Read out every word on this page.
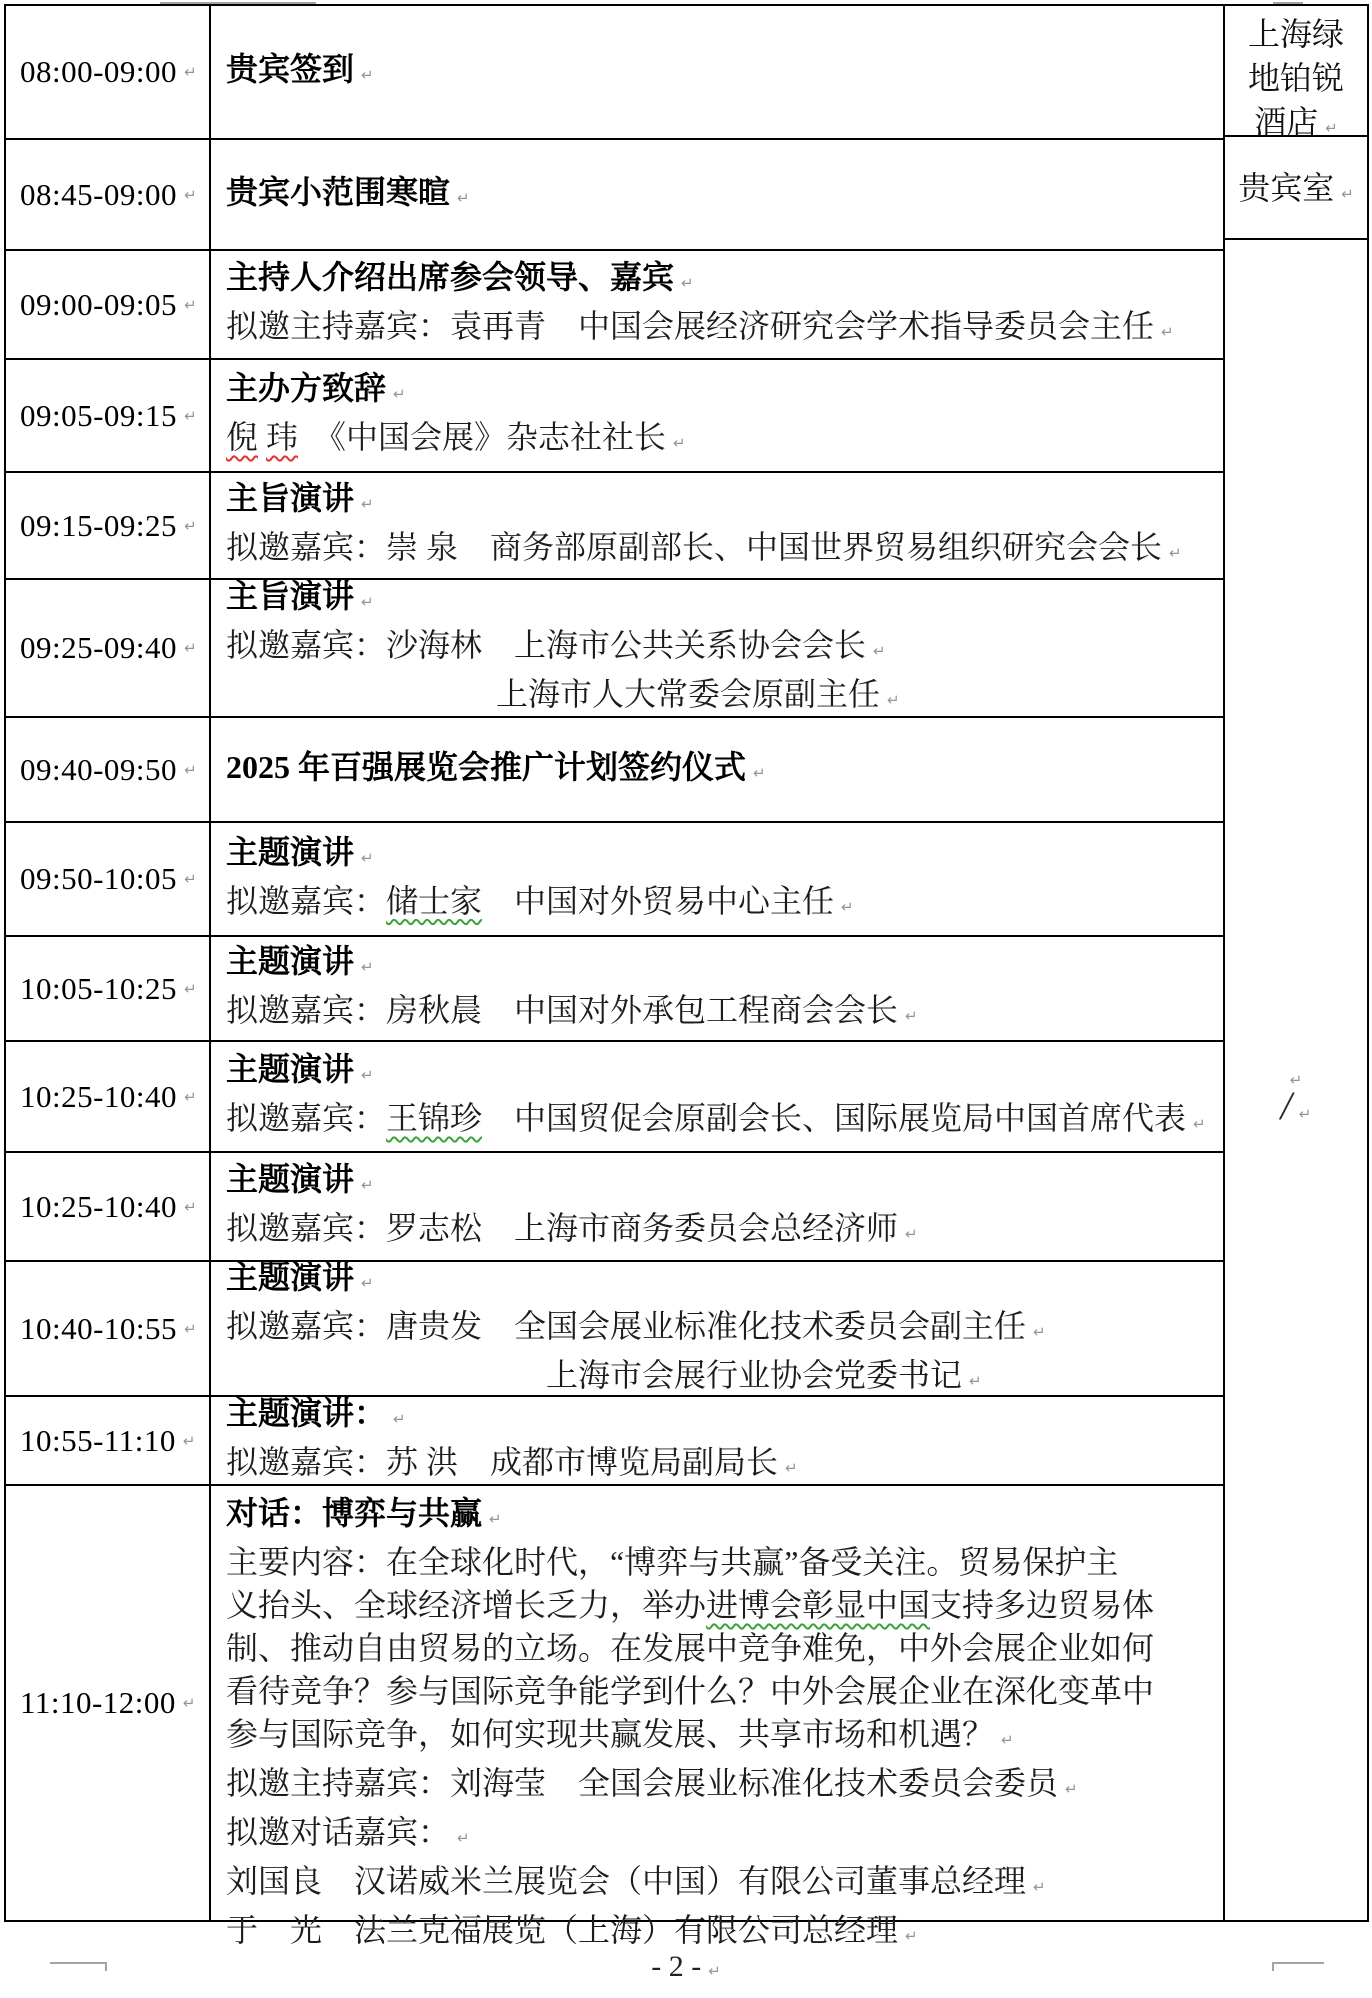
08:00-09:00 ↵ 贵宾签到 ↵
08:45-09:00 ↵ 贵宾小范围寒暄 ↵
09:00-09:05 ↵
主持人介绍出席参会领导、嘉宾 ↵
拟邀主持嘉宾：袁再青　中国会展经济研究会学术指导委员会主任 ↵
09:05-09:15 ↵
主办方致辞 ↵
倪 玮　《中国会展》杂志社社长 ↵
09:15-09:25 ↵
主旨演讲 ↵
拟邀嘉宾：崇 泉　商务部原副部长、中国世界贸易组织研究会会长 ↵
09:25-09:40 ↵
主旨演讲 ↵
拟邀嘉宾：沙海林　上海市公共关系协会会长 ↵
上海市人大常委会原副主任 ↵
09:40-09:50 ↵ 2025 年百强展览会推广计划签约仪式 ↵
09:50-10:05 ↵
主题演讲 ↵
拟邀嘉宾：储士家　中国对外贸易中心主任 ↵
10:05-10:25 ↵
主题演讲 ↵
拟邀嘉宾：房秋晨　中国对外承包工程商会会长 ↵
10:25-10:40 ↵
主题演讲 ↵
拟邀嘉宾：王锦珍　中国贸促会原副会长、国际展览局中国首席代表 ↵
10:25-10:40 ↵
主题演讲 ↵
拟邀嘉宾：罗志松　上海市商务委员会总经济师 ↵
10:40-10:55 ↵
主题演讲 ↵
拟邀嘉宾：唐贵发　全国会展业标准化技术委员会副主任 ↵
上海市会展行业协会党委书记 ↵
10:55-11:10 ↵
主题演讲： ↵
拟邀嘉宾：苏 洪　成都市博览局副局长 ↵
11:10-12:00 ↵
对话：博弈与共赢 ↵
主要内容：在全球化时代，“博弈与共赢”备受关注。贸易保护主
义抬头、全球经济增长乏力，举办进博会彰显中国支持多边贸易体
制、推动自由贸易的立场。在发展中竞争难免，中外会展企业如何
看待竞争？参与国际竞争能学到什么？中外会展企业在深化变革中
参与国际竞争，如何实现共赢发展、共享市场和机遇？ ↵
拟邀主持嘉宾：刘海莹　全国会展业标准化技术委员会委员 ↵
拟邀对话嘉宾： ↵
刘国良　汉诺威米兰展览会（中国）有限公司董事总经理 ↵
于　光　法兰克福展览（上海）有限公司总经理 ↵
上海绿
地铂锐
酒店 ↵
贵宾室 ↵
↵
/ ↵
- 2 - ↵
